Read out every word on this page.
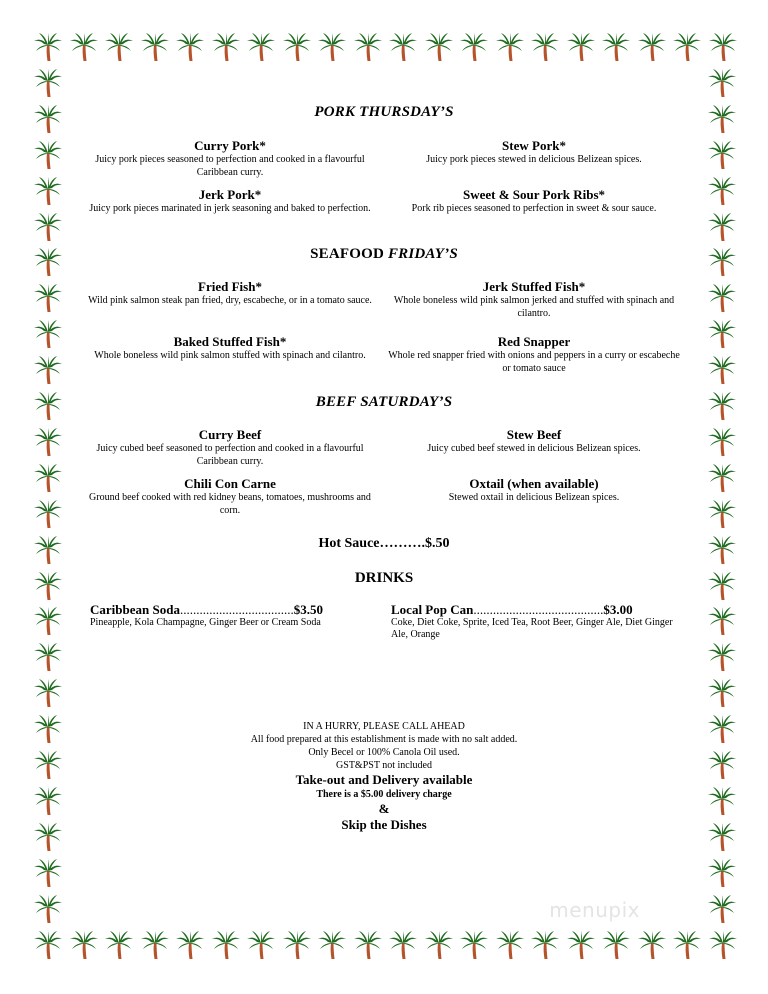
PORK THURSDAY’S
Curry Pork*
Juicy pork pieces seasoned to perfection and cooked in a flavourful Caribbean curry.
Stew Pork*
Juicy pork pieces stewed in delicious Belizean spices.
Jerk Pork*
Juicy pork pieces marinated in jerk seasoning and baked to perfection.
Sweet & Sour Pork Ribs*
Pork rib pieces seasoned to perfection in sweet & sour sauce.
SEAFOOD FRIDAY’S
Fried Fish*
Wild pink salmon steak pan fried, dry, escabeche, or in a tomato sauce.
Jerk Stuffed Fish*
Whole boneless wild pink salmon jerked and stuffed with spinach and cilantro.
Baked Stuffed Fish*
Whole boneless wild pink salmon stuffed with spinach and cilantro.
Red Snapper
Whole red snapper fried with onions and peppers in a curry or escabeche or tomato sauce
BEEF SATURDAY’S
Curry Beef
Juicy cubed beef seasoned to perfection and cooked in a flavourful Caribbean curry.
Stew Beef
Juicy cubed beef stewed in delicious Belizean spices.
Chili Con Carne
Ground beef cooked with red kidney beans, tomatoes, mushrooms and corn.
Oxtail (when available)
Stewed oxtail in delicious Belizean spices.
Hot Sauce……….$.50
DRINKS
Caribbean Soda...................................$3.50
Pineapple, Kola Champagne, Ginger Beer or Cream Soda
Local Pop Can........................................$3.00
Coke, Diet Coke, Sprite, Iced Tea, Root Beer, Ginger Ale, Diet Ginger Ale, Orange
IN A HURRY, PLEASE CALL AHEAD
All food prepared at this establishment is made with no salt added.
Only Becel or 100% Canola Oil used.
GST&PST not included
Take-out and Delivery available
There is a $5.00 delivery charge
&
Skip the Dishes
menupix
